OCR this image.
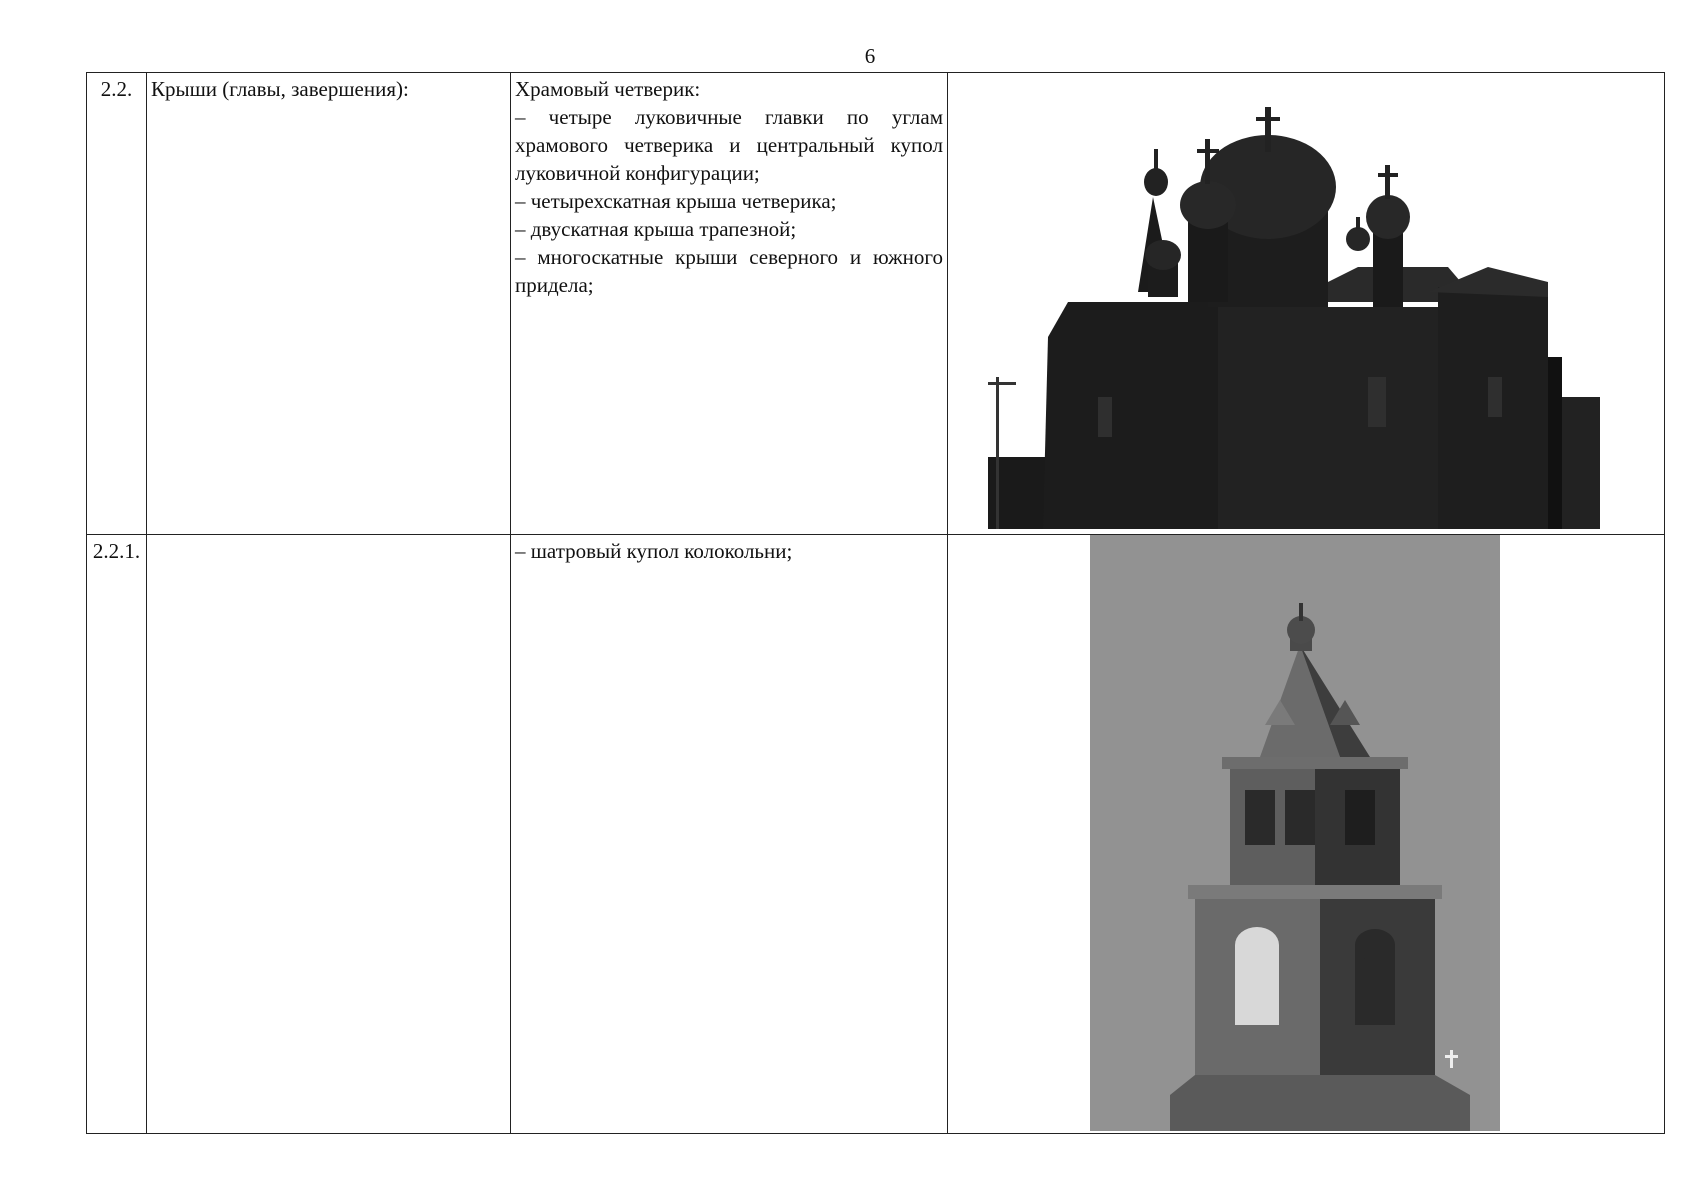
6
2.2.	Крыши (главы, завершения):	Храмовый четверик:

– четыре луковичные главки по углам храмового четверика и центральный купол луковичной конфигурации;

– четырехскатная крыша четверика;

– двускатная крыша трапезной;

– многоскатные крыши северного и южного придела;

2.2.1.		– шатровый купол колокольни;
